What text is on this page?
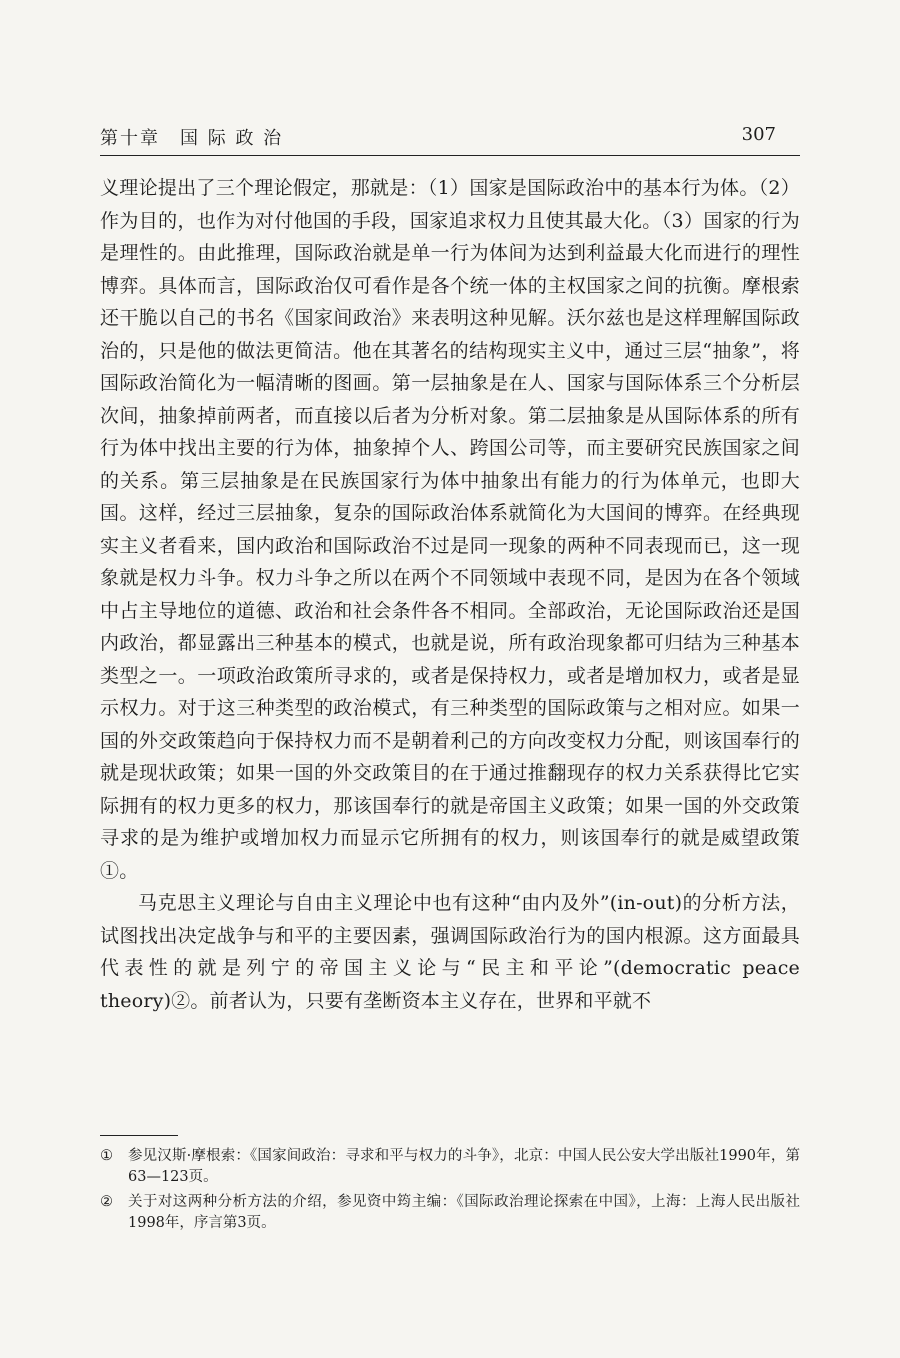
第十章　国 际 政 治	307

义理论提出了三个理论假定，那就是：（1）国家是国际政治中的基本行为体。（2）作为目的，也作为对付他国的手段，国家追求权力且使其最大化。（3）国家的行为是理性的。由此推理，国际政治就是单一行为体间为达到利益最大化而进行的理性博弈。具体而言，国际政治仅可看作是各个统一体的主权国家之间的抗衡。摩根索还干脆以自己的书名《国家间政治》来表明这种见解。沃尔兹也是这样理解国际政治的，只是他的做法更简洁。他在其著名的结构现实主义中，通过三层“抽象”，将国际政治简化为一幅清晰的图画。第一层抽象是在人、国家与国际体系三个分析层次间，抽象掉前两者，而直接以后者为分析对象。第二层抽象是从国际体系的所有行为体中找出主要的行为体，抽象掉个人、跨国公司等，而主要研究民族国家之间的关系。第三层抽象是在民族国家行为体中抽象出有能力的行为体单元，也即大国。这样，经过三层抽象，复杂的国际政治体系就简化为大国间的博弈。在经典现实主义者看来，国内政治和国际政治不过是同一现象的两种不同表现而已，这一现象就是权力斗争。权力斗争之所以在两个不同领域中表现不同，是因为在各个领域中占主导地位的道德、政治和社会条件各不相同。全部政治，无论国际政治还是国内政治，都显露出三种基本的模式，也就是说，所有政治现象都可归结为三种基本类型之一。一项政治政策所寻求的，或者是保持权力，或者是增加权力，或者是显示权力。对于这三种类型的政治模式，有三种类型的国际政策与之相对应。如果一国的外交政策趋向于保持权力而不是朝着利己的方向改变权力分配，则该国奉行的就是现状政策；如果一国的外交政策目的在于通过推翻现存的权力关系获得比它实际拥有的权力更多的权力，那该国奉行的就是帝国主义政策；如果一国的外交政策寻求的是为维护或增加权力而显示它所拥有的权力，则该国奉行的就是威望政策①。

马克思主义理论与自由主义理论中也有这种“由内及外”(in-out)的分析方法，试图找出决定战争与和平的主要因素，强调国际政治行为的国内根源。这方面最具代表性的就是列宁的帝国主义论与“民主和平论”(democratic peace theory)②。前者认为，只要有垄断资本主义存在，世界和平就不

① 参见汉斯·摩根索：《国家间政治：寻求和平与权力的斗争》，北京：中国人民公安大学出版社1990年，第63—123页。

② 关于对这两种分析方法的介绍，参见资中筠主编：《国际政治理论探索在中国》，上海：上海人民出版社1998年，序言第3页。
